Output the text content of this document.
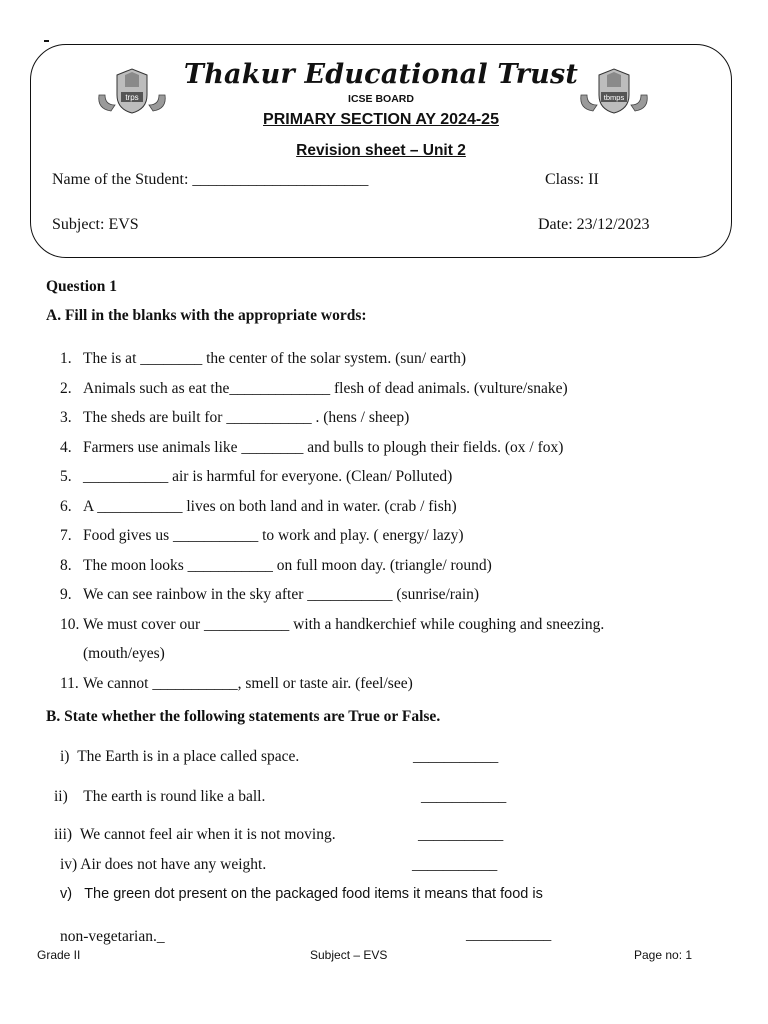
trps
Thakur Educational Trust
ICSE BOARD
PRIMARY SECTION AY 2024-25
Revision sheet – Unit 2
tbmps
Name of the Student: ______________________	Class: II
Subject: EVS	Date: 23/12/2023
Question 1
A. Fill in the blanks with the appropriate words:
1. The is at ________ the center of the solar system. (sun/ earth)
2. Animals such as eat the_____________ flesh of dead animals. (vulture/snake)
3. The sheds are built for ___________ . (hens / sheep)
4. Farmers use animals like ________ and bulls to plough their fields. (ox / fox)
5. ___________ air is harmful for everyone. (Clean/ Polluted)
6. A ___________ lives on both land and in water. (crab / fish)
7. Food gives us ___________ to work and play. ( energy/ lazy)
8. The moon looks ___________ on full moon day. (triangle/ round)
9. We can see rainbow in the sky after ___________ (sunrise/rain)
10. We must cover our ___________ with a handkerchief while coughing and sneezing.
(mouth/eyes)
11. We cannot ___________, smell or taste air. (feel/see)
B. State whether the following statements are True or False.
i) The Earth is in a place called space.	___________
ii) The earth is round like a ball.	___________
iii) We cannot feel air when it is not moving.	___________
iv) Air does not have any weight.	___________
v) The green dot present on the packaged food items it means that food is
non-vegetarian._	___________
Grade II	Subject – EVS	Page no: 1
